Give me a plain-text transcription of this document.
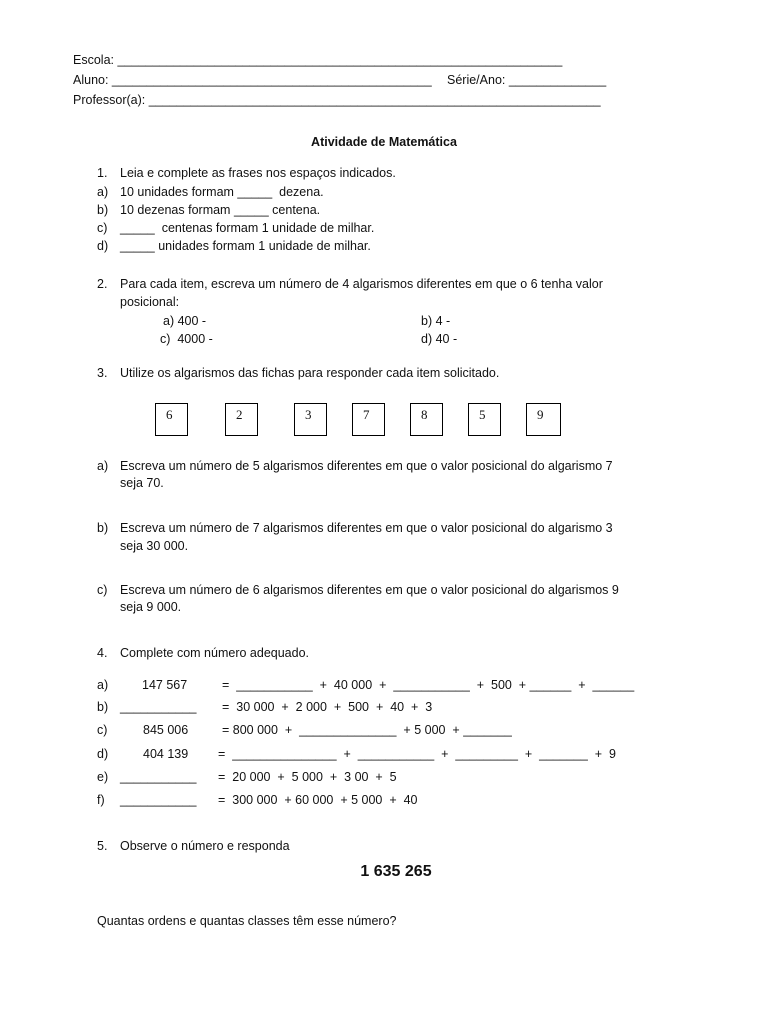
Escola: ________________________________________________________________
Aluno: ______________________________________________ Série/Ano: ______________
Professor(a): _________________________________________________________________
Atividade de Matemática
1. Leia e complete as frases nos espaços indicados.
a) 10 unidades formam _____  dezena.
b) 10 dezenas formam _____ centena.
c) _____  centenas formam 1 unidade de milhar.
d) _____ unidades formam 1 unidade de milhar.
2. Para cada item, escreva um número de 4 algarismos diferentes em que o 6 tenha valor
posicional:
a) 400 -	b) 4 -
c)  4000 -	d) 40 -
3. Utilize os algarismos das fichas para responder cada item solicitado.
6	2	3	7	8	5	9
a) Escreva um número de 5 algarismos diferentes em que o valor posicional do algarismo 7
seja 70.
b) Escreva um número de 7 algarismos diferentes em que o valor posicional do algarismo 3
seja 30 000.
c) Escreva um número de 6 algarismos diferentes em que o valor posicional do algarismos 9
seja 9 000.
4. Complete com número adequado.
a)	147 567	=  ___________  +  40 000  +  ___________  +  500  + ______  +  ______
b) ___________ =  30 000  +  2 000  +  500  +  40  +  3
c)	845 006	= 800 000  +  ______________  + 5 000  + _______
d)	404 139 =  _______________  +  ___________  +  _________  +  _______  +  9
e) ___________ =  20 000  +  5 000  +  3 00  +  5
f) ___________ =  300 000  + 60 000  + 5 000  +  40
5. Observe o número e responda
1 635 265
Quantas ordens e quantas classes têm esse número?
